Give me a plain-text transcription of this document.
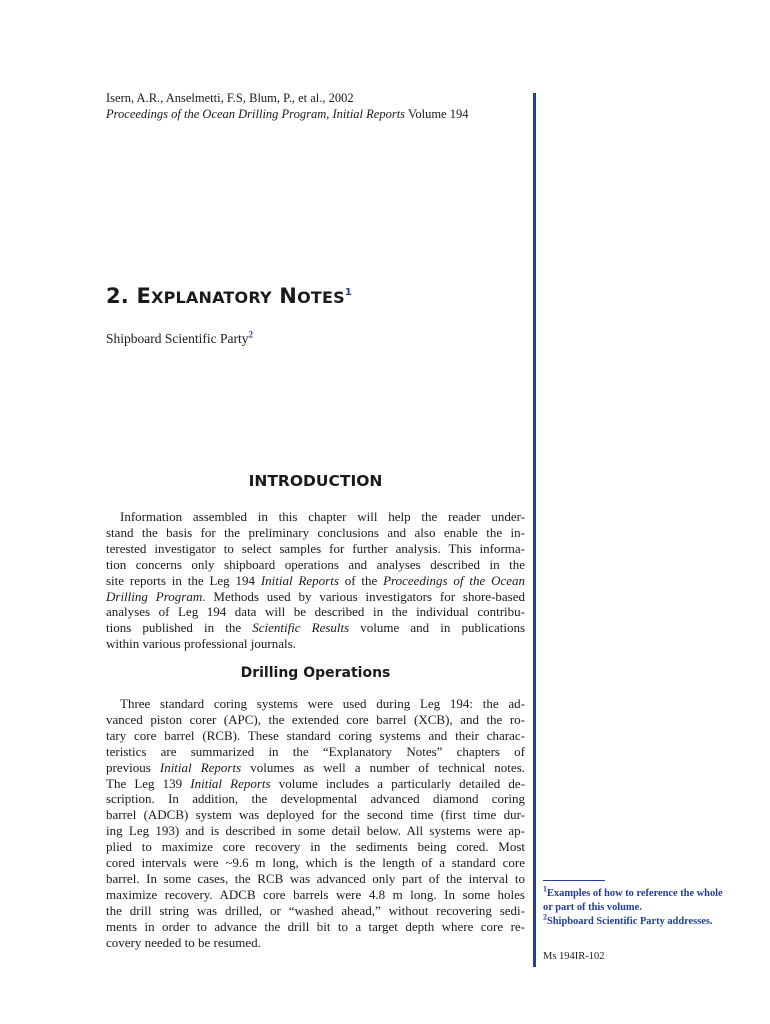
Isern, A.R., Anselmetti, F.S, Blum, P., et al., 2002
Proceedings of the Ocean Drilling Program, Initial Reports Volume 194
2. EXPLANATORY NOTES$^1$
Shipboard Scientific Party$^2$
INTRODUCTION

Information assembled in this chapter will help the reader under-
stand the basis for the preliminary conclusions and also enable the in-
terested investigator to select samples for further analysis. This informa-
tion concerns only shipboard operations and analyses described in the
site reports in the Leg 194 Initial Reports of the Proceedings of the Ocean
Drilling Program. Methods used by various investigators for shore-based
analyses of Leg 194 data will be described in the individual contribu-
tions published in the Scientific Results volume and in publications
within various professional journals.

Drilling Operations

Three standard coring systems were used during Leg 194: the ad-
vanced piston corer (APC), the extended core barrel (XCB), and the ro-
tary core barrel (RCB). These standard coring systems and their charac-
teristics are summarized in the “Explanatory Notes” chapters of
previous Initial Reports volumes as well a number of technical notes.
The Leg 139 Initial Reports volume includes a particularly detailed de-
scription. In addition, the developmental advanced diamond coring
barrel (ADCB) system was deployed for the second time (first time dur-
ing Leg 193) and is described in some detail below. All systems were ap-
plied to maximize core recovery in the sediments being cored. Most
cored intervals were ~9.6 m long, which is the length of a standard core
barrel. In some cases, the RCB was advanced only part of the interval to
maximize recovery. ADCB core barrels were 4.8 m long. In some holes
the drill string was drilled, or “washed ahead,” without recovering sedi-
ments in order to advance the drill bit to a target depth where core re-
covery needed to be resumed.

$^1$Examples of how to reference the whole or part of this volume.
$^2$Shipboard Scientific Party addresses.
Ms 194IR-102
